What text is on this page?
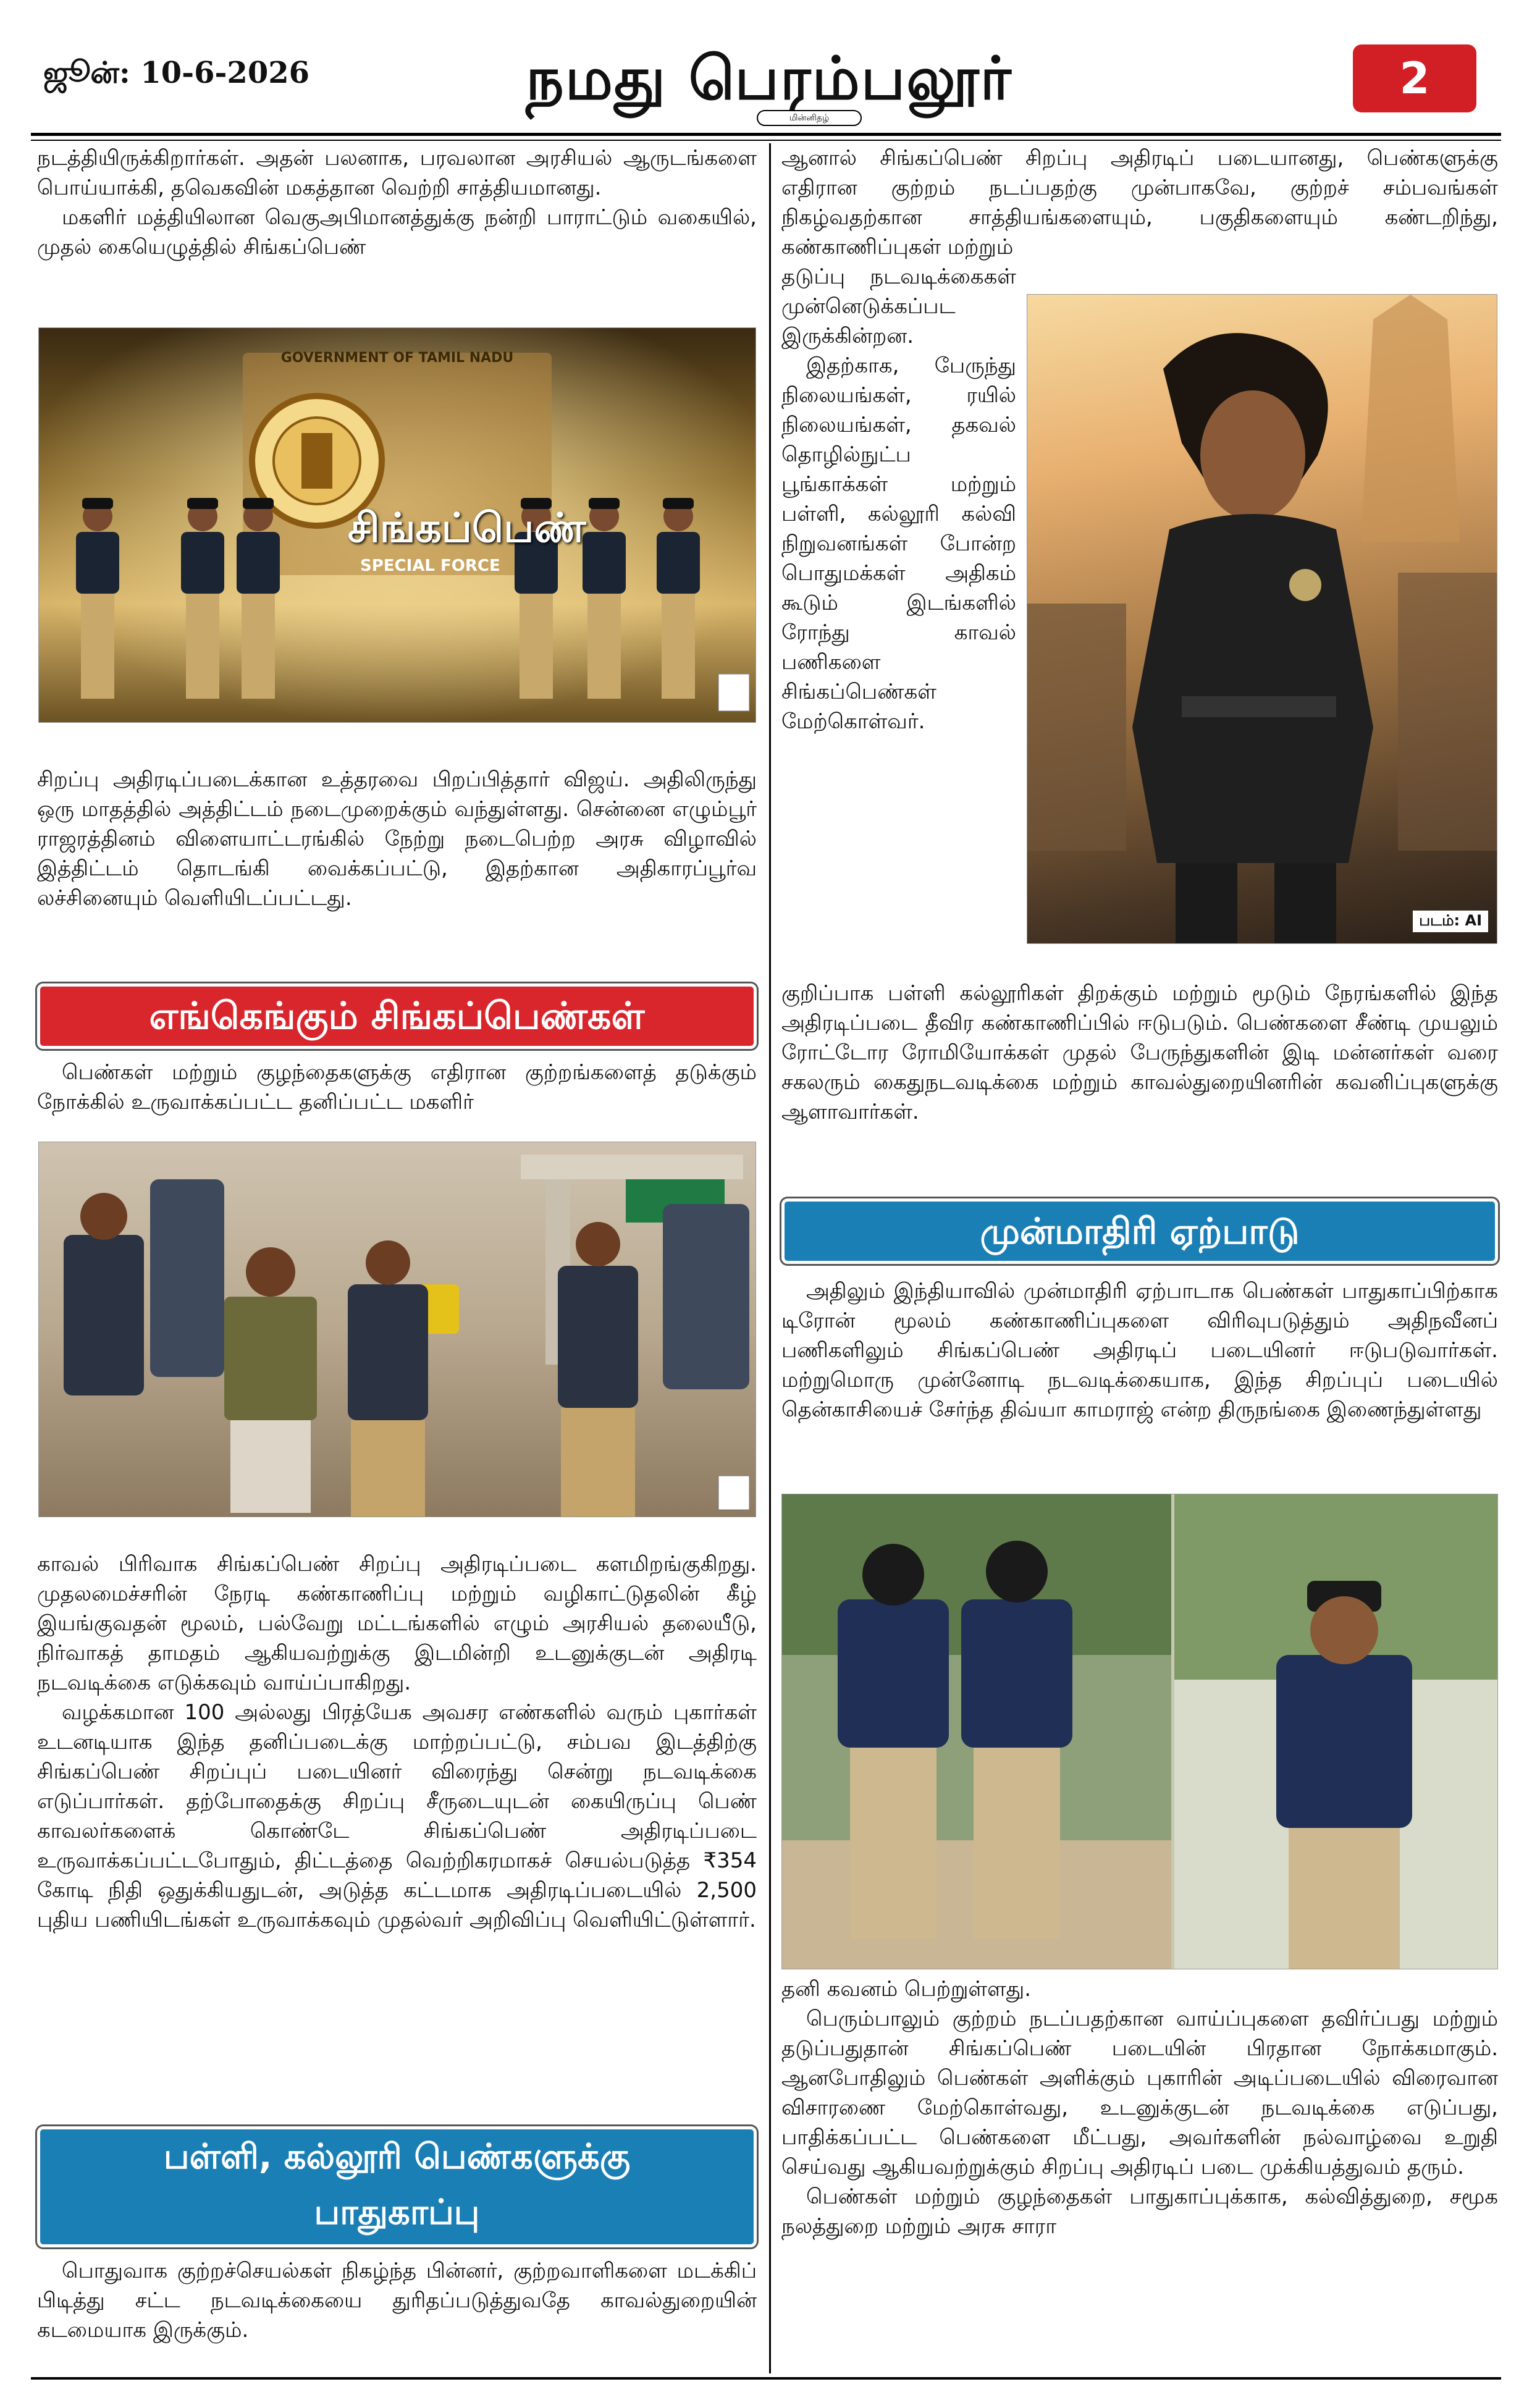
ஜூன்: 10-6-2026	நமது பெரம்பலூர்
மின்னிதழ்
2

நடத்தியிருக்கிறார்கள். அதன் பலனாக, பரவலான அரசியல் ஆருடங்களை பொய்யாக்கி, தவெகவின் மகத்தான வெற்றி சாத்தியமானது.

மகளிர் மத்தியிலான வெகுஅபிமானத்துக்கு நன்றி பாராட்டும் வகையில், முதல் கையெழுத்தில் சிங்கப்பெண்

GOVERNMENT OF TAMIL NADU
சிங்கப்பெண்
SPECIAL FORCE

சிறப்பு அதிரடிப்படைக்கான உத்தரவை பிறப்பித்தார் விஜய். அதிலிருந்து ஒரு மாதத்தில் அத்திட்டம் நடைமுறைக்கும் வந்துள்ளது. சென்னை எழும்பூர் ராஜரத்தினம் விளையாட்டரங்கில் நேற்று நடைபெற்ற அரசு விழாவில் இத்திட்டம் தொடங்கி வைக்கப்பட்டு, இதற்கான அதிகாரப்பூர்வ லச்சினையும் வெளியிடப்பட்டது.

எங்கெங்கும் சிங்கப்பெண்கள்

பெண்கள் மற்றும் குழந்தைகளுக்கு எதிரான குற்றங்களைத் தடுக்கும் நோக்கில் உருவாக்கப்பட்ட தனிப்பட்ட மகளிர்

காவல் பிரிவாக சிங்கப்பெண் சிறப்பு அதிரடிப்படை களமிறங்குகிறது. முதலமைச்சரின் நேரடி கண்காணிப்பு மற்றும் வழிகாட்டுதலின் கீழ் இயங்குவதன் மூலம், பல்வேறு மட்டங்களில் எழும் அரசியல் தலையீடு, நிர்வாகத் தாமதம் ஆகியவற்றுக்கு இடமின்றி உடனுக்குடன் அதிரடி நடவடிக்கை எடுக்கவும் வாய்ப்பாகிறது.

வழக்கமான 100 அல்லது பிரத்யேக அவசர எண்களில் வரும் புகார்கள் உடனடியாக இந்த தனிப்படைக்கு மாற்றப்பட்டு, சம்பவ இடத்திற்கு சிங்கப்பெண் சிறப்புப் படையினர் விரைந்து சென்று நடவடிக்கை எடுப்பார்கள். தற்போதைக்கு சிறப்பு சீருடையுடன் கையிருப்பு பெண் காவலர்களைக் கொண்டே சிங்கப்பெண் அதிரடிப்படை உருவாக்கப்பட்டபோதும், திட்டத்தை வெற்றிகரமாகச் செயல்படுத்த ₹354 கோடி நிதி ஒதுக்கியதுடன், அடுத்த கட்டமாக அதிரடிப்படையில் 2,500 புதிய பணியிடங்கள் உருவாக்கவும் முதல்வர் அறிவிப்பு வெளியிட்டுள்ளார்.

பள்ளி, கல்லூரி பெண்களுக்கு
பாதுகாப்பு

பொதுவாக குற்றச்செயல்கள் நிகழ்ந்த பின்னர், குற்றவாளிகளை மடக்கிப் பிடித்து சட்ட நடவடிக்கையை துரிதப்படுத்துவதே காவல்துறையின் கடமையாக இருக்கும்.

ஆனால் சிங்கப்பெண் சிறப்பு அதிரடிப் படையானது, பெண்களுக்கு எதிரான குற்றம் நடப்பதற்கு முன்பாகவே, குற்றச் சம்பவங்கள் நிகழ்வதற்கான சாத்தியங்களையும், பகுதிகளையும் கண்டறிந்து, கண்காணிப்புகள் மற்றும்

தடுப்பு நடவடிக்கைகள் முன்னெடுக்கப்பட இருக்கின்றன.

இதற்காக, பேருந்து நிலையங்கள், ரயில் நிலையங்கள், தகவல் தொழில்நுட்ப பூங்காக்கள் மற்றும் பள்ளி, கல்லூரி கல்வி நிறுவனங்கள் போன்ற பொதுமக்கள் அதிகம் கூடும் இடங்களில் ரோந்து காவல் பணிகளை சிங்கப்பெண்கள் மேற்கொள்வர்.

படம்: AI

குறிப்பாக பள்ளி கல்லூரிகள் திறக்கும் மற்றும் மூடும் நேரங்களில் இந்த அதிரடிப்படை தீவிர கண்காணிப்பில் ஈடுபடும். பெண்களை சீண்டி முயலும் ரோட்டோர ரோமியோக்கள் முதல் பேருந்துகளின் இடி மன்னர்கள் வரை சகலரும் கைதுநடவடிக்கை மற்றும் காவல்துறையினரின் கவனிப்புகளுக்கு ஆளாவார்கள்.

முன்மாதிரி ஏற்பாடு

அதிலும் இந்தியாவில் முன்மாதிரி ஏற்பாடாக பெண்கள் பாதுகாப்பிற்காக டிரோன் மூலம் கண்காணிப்புகளை விரிவுபடுத்தும் அதிநவீனப் பணிகளிலும் சிங்கப்பெண் அதிரடிப் படையினர் ஈடுபடுவார்கள். மற்றுமொரு முன்னோடி நடவடிக்கையாக, இந்த சிறப்புப் படையில் தென்காசியைச் சேர்ந்த திவ்யா காமராஜ் என்ற திருநங்கை இணைந்துள்ளது

தனி கவனம் பெற்றுள்ளது.

பெரும்பாலும் குற்றம் நடப்பதற்கான வாய்ப்புகளை தவிர்ப்பது மற்றும் தடுப்பதுதான் சிங்கப்பெண் படையின் பிரதான நோக்கமாகும். ஆனபோதிலும் பெண்கள் அளிக்கும் புகாரின் அடிப்படையில் விரைவான விசாரணை மேற்கொள்வது, உடனுக்குடன் நடவடிக்கை எடுப்பது, பாதிக்கப்பட்ட பெண்களை மீட்பது, அவர்களின் நல்வாழ்வை உறுதி செய்வது ஆகியவற்றுக்கும் சிறப்பு அதிரடிப் படை முக்கியத்துவம் தரும்.

பெண்கள் மற்றும் குழந்தைகள் பாதுகாப்புக்காக, கல்வித்துறை, சமூக நலத்துறை மற்றும் அரசு சாரா
